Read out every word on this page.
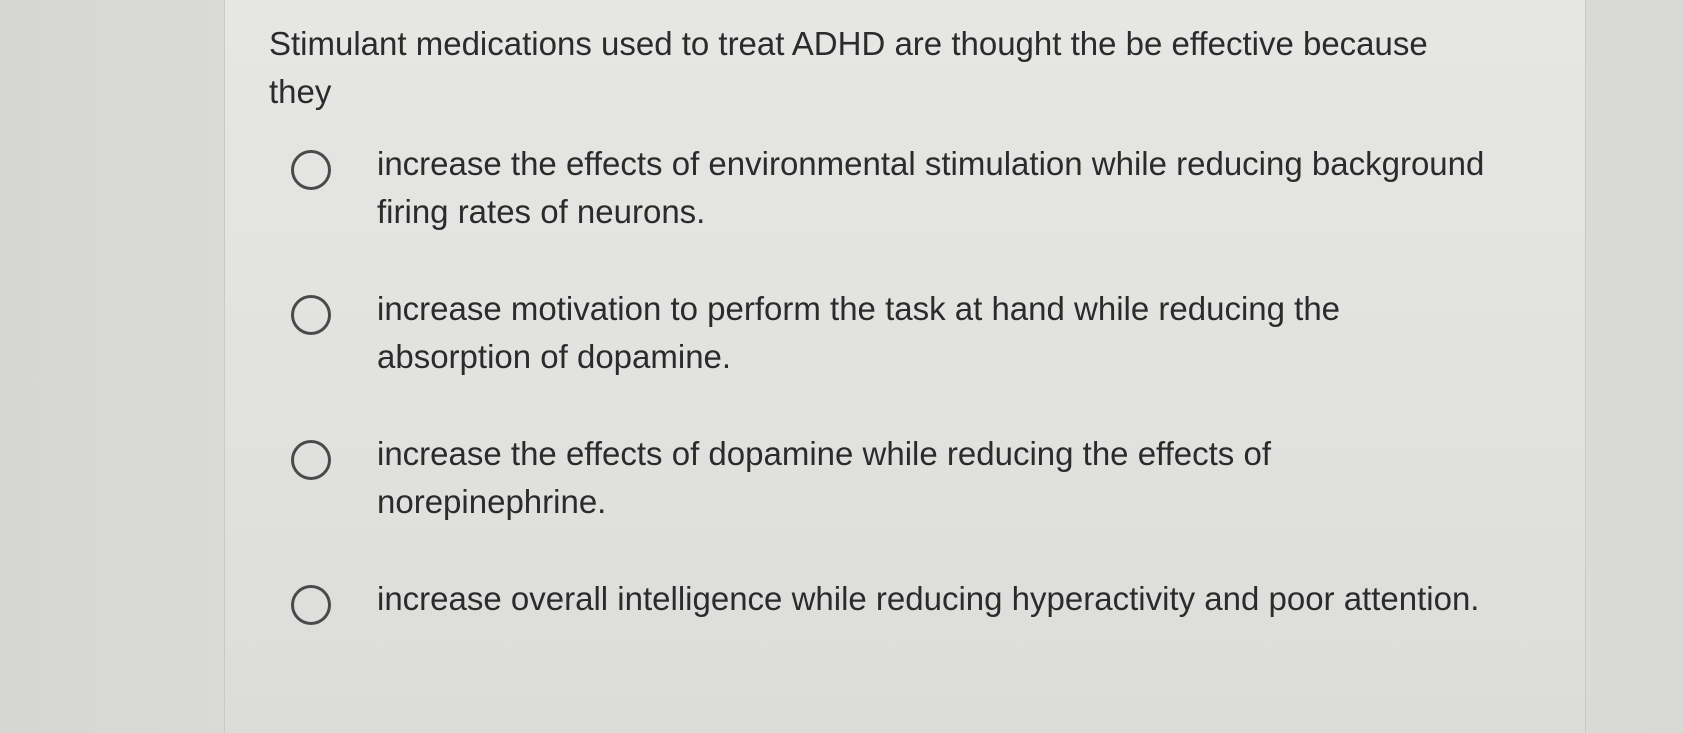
Stimulant medications used to treat ADHD are thought the be effective because they
increase the effects of environmental stimulation while reducing background firing rates of neurons.
increase motivation to perform the task at hand while reducing the absorption of dopamine.
increase the effects of dopamine while reducing the effects of norepinephrine.
increase overall intelligence while reducing hyperactivity and poor attention.
